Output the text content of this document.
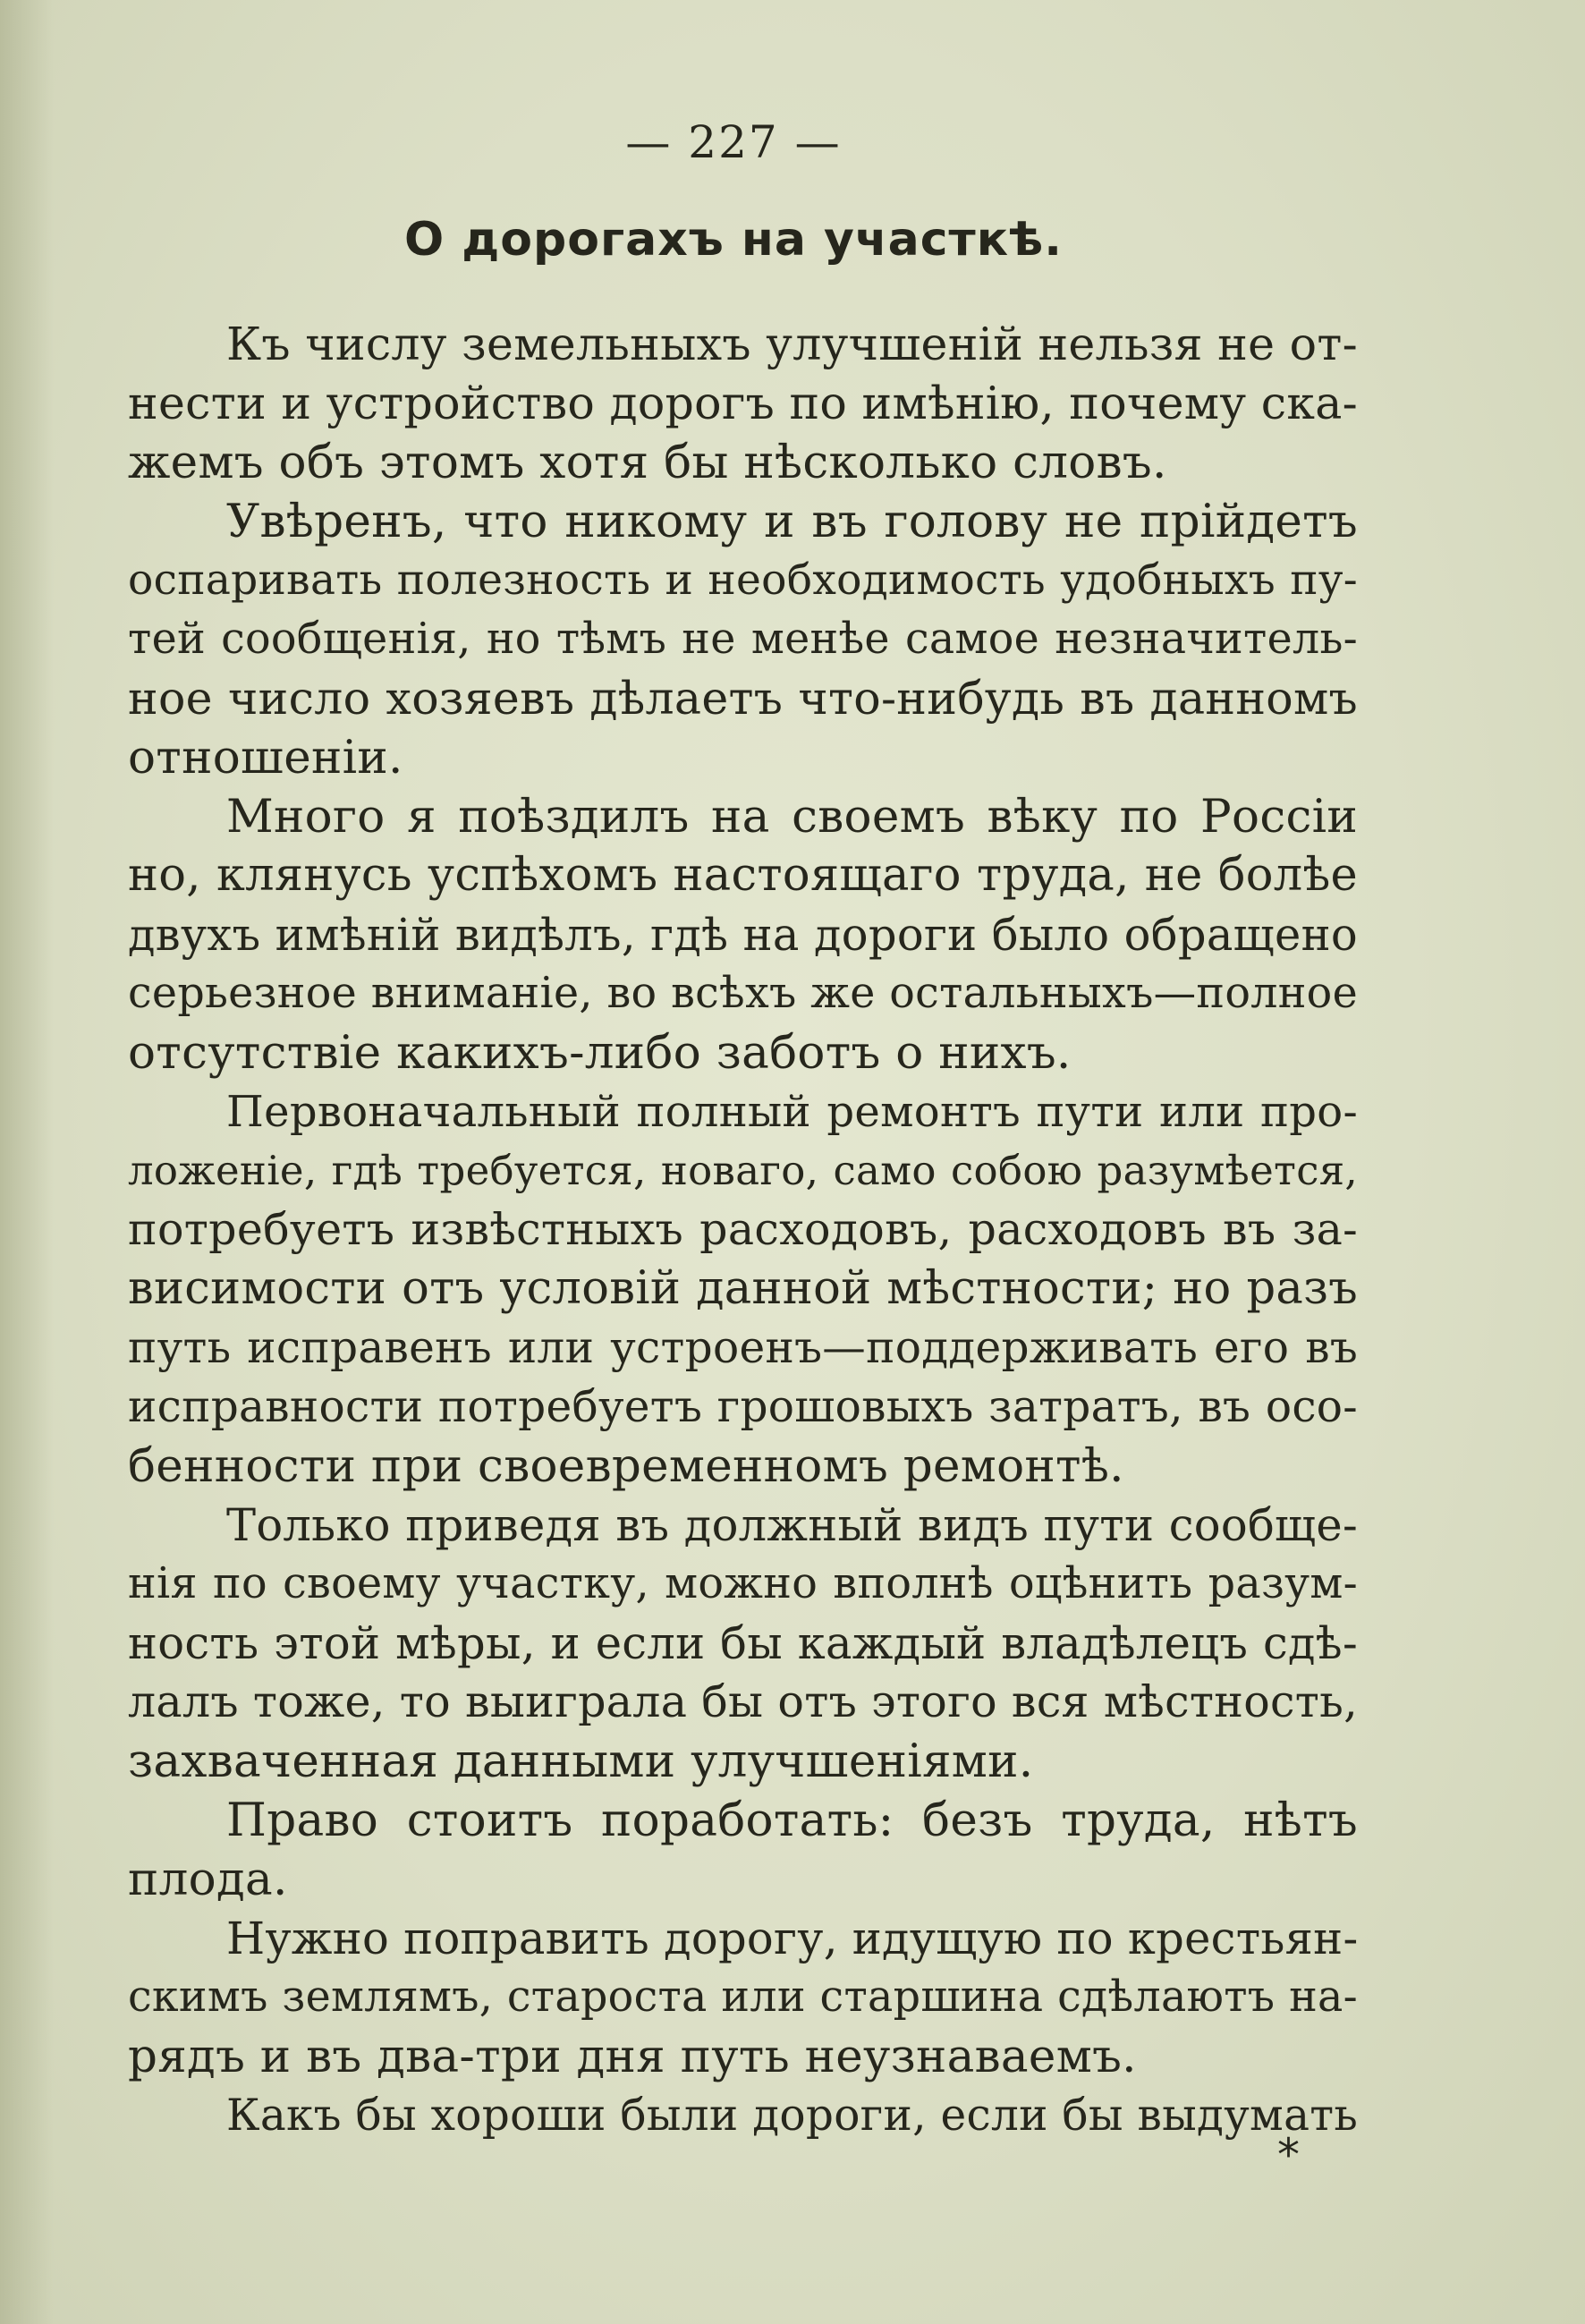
— 227 —
О дорогахъ на участкѣ.
Къ числу земельныхъ улучшеній нельзя не от-
нести и устройство дорогъ по имѣнію, почему ска-
жемъ объ этомъ хотя бы нѣсколько словъ.
Увѣренъ, что никому и въ голову не прійдетъ
оспаривать полезность и необходимость удобныхъ пу-
тей сообщенія, но тѣмъ не менѣе самое незначитель-
ное число хозяевъ дѣлаетъ что-нибудь въ данномъ
отношеніи.
Много я поѣздилъ на своемъ вѣку по Россіи
но, клянусь успѣхомъ настоящаго труда, не болѣе
двухъ имѣній видѣлъ, гдѣ на дороги было обращено
серьезное вниманіе, во всѣхъ же остальныхъ—полное
отсутствіе какихъ-либо заботъ о нихъ.
Первоначальный полный ремонтъ пути или про-
ложеніе, гдѣ требуется, новаго, само собою разумѣется,
потребуетъ извѣстныхъ расходовъ, расходовъ въ за-
висимости отъ условій данной мѣстности; но разъ
путь исправенъ или устроенъ—поддерживать его въ
исправности потребуетъ грошовыхъ затратъ, въ осо-
бенности при своевременномъ ремонтѣ.
Только приведя въ должный видъ пути сообще-
нія по своему участку, можно вполнѣ оцѣнить разум-
ность этой мѣры, и если бы каждый владѣлецъ сдѣ-
лалъ тоже, то выиграла бы отъ этого вся мѣстность,
захваченная данными улучшеніями.
Право стоитъ поработать: безъ труда, нѣтъ
плода.
Нужно поправить дорогу, идущую по крестьян-
скимъ землямъ, староста или старшина сдѣлаютъ на-
рядъ и въ два-три дня путь неузнаваемъ.
Какъ бы хороши были дороги, если бы выдумать
*
